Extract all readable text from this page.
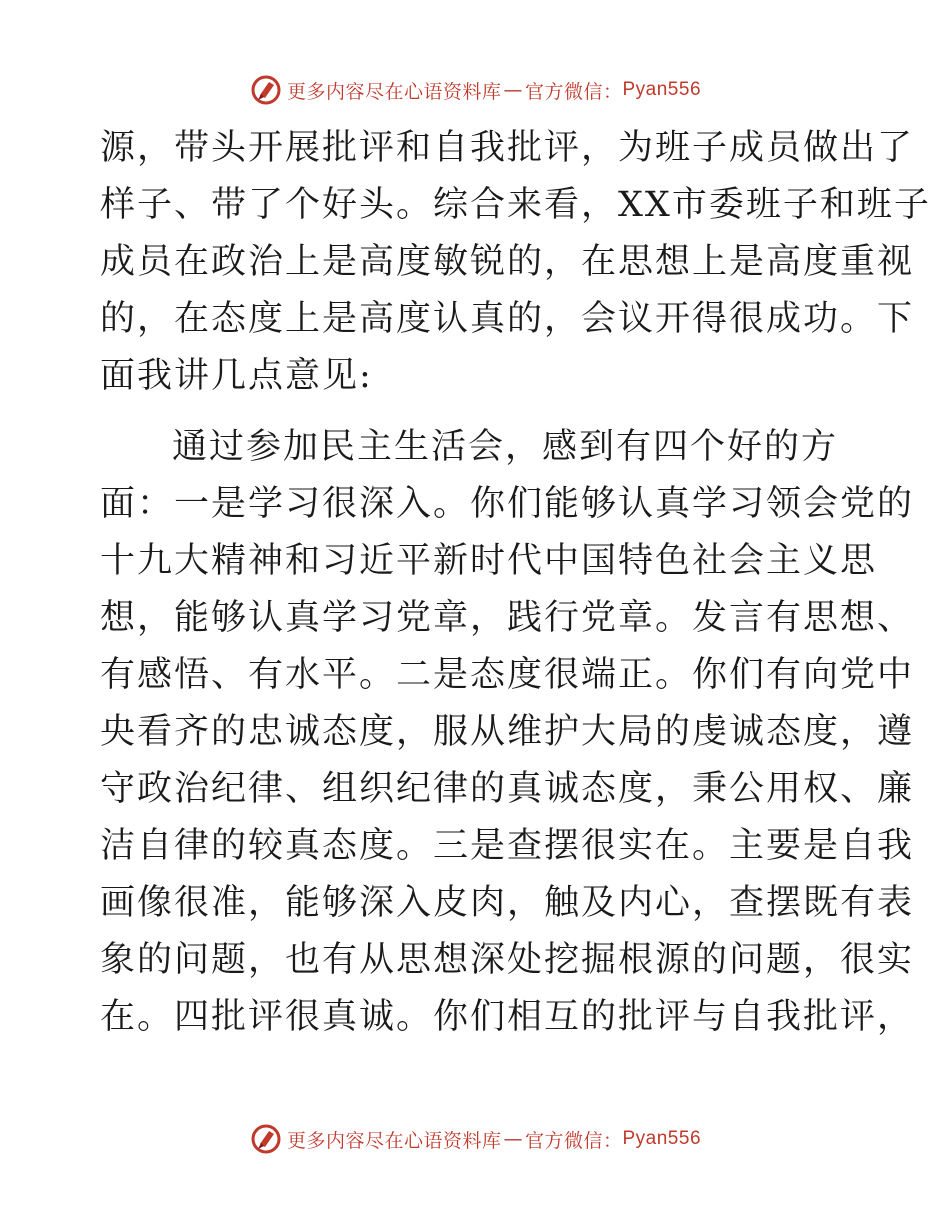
更多内容尽在心语资料库 — 官方微信： Pyan556
源，带头开展批评和自我批评，为班子成员做出了
样子、带了个好头。综合来看，XX市委班子和班子
成员在政治上是高度敏锐的，在思想上是高度重视
的，在态度上是高度认真的，会议开得很成功。下
面我讲几点意见:
通过参加民主生活会，感到有四个好的方
面：一是学习很深入。你们能够认真学习领会党的
十九大精神和习近平新时代中国特色社会主义思
想，能够认真学习党章，践行党章。发言有思想、
有感悟、有水平。二是态度很端正。你们有向党中
央看齐的忠诚态度，服从维护大局的虔诚态度，遵
守政治纪律、组织纪律的真诚态度，秉公用权、廉
洁自律的较真态度。三是查摆很实在。主要是自我
画像很准，能够深入皮肉，触及内心，查摆既有表
象的问题，也有从思想深处挖掘根源的问题，很实
在。四批评很真诚。你们相互的批评与自我批评，
更多内容尽在心语资料库 — 官方微信： Pyan556
